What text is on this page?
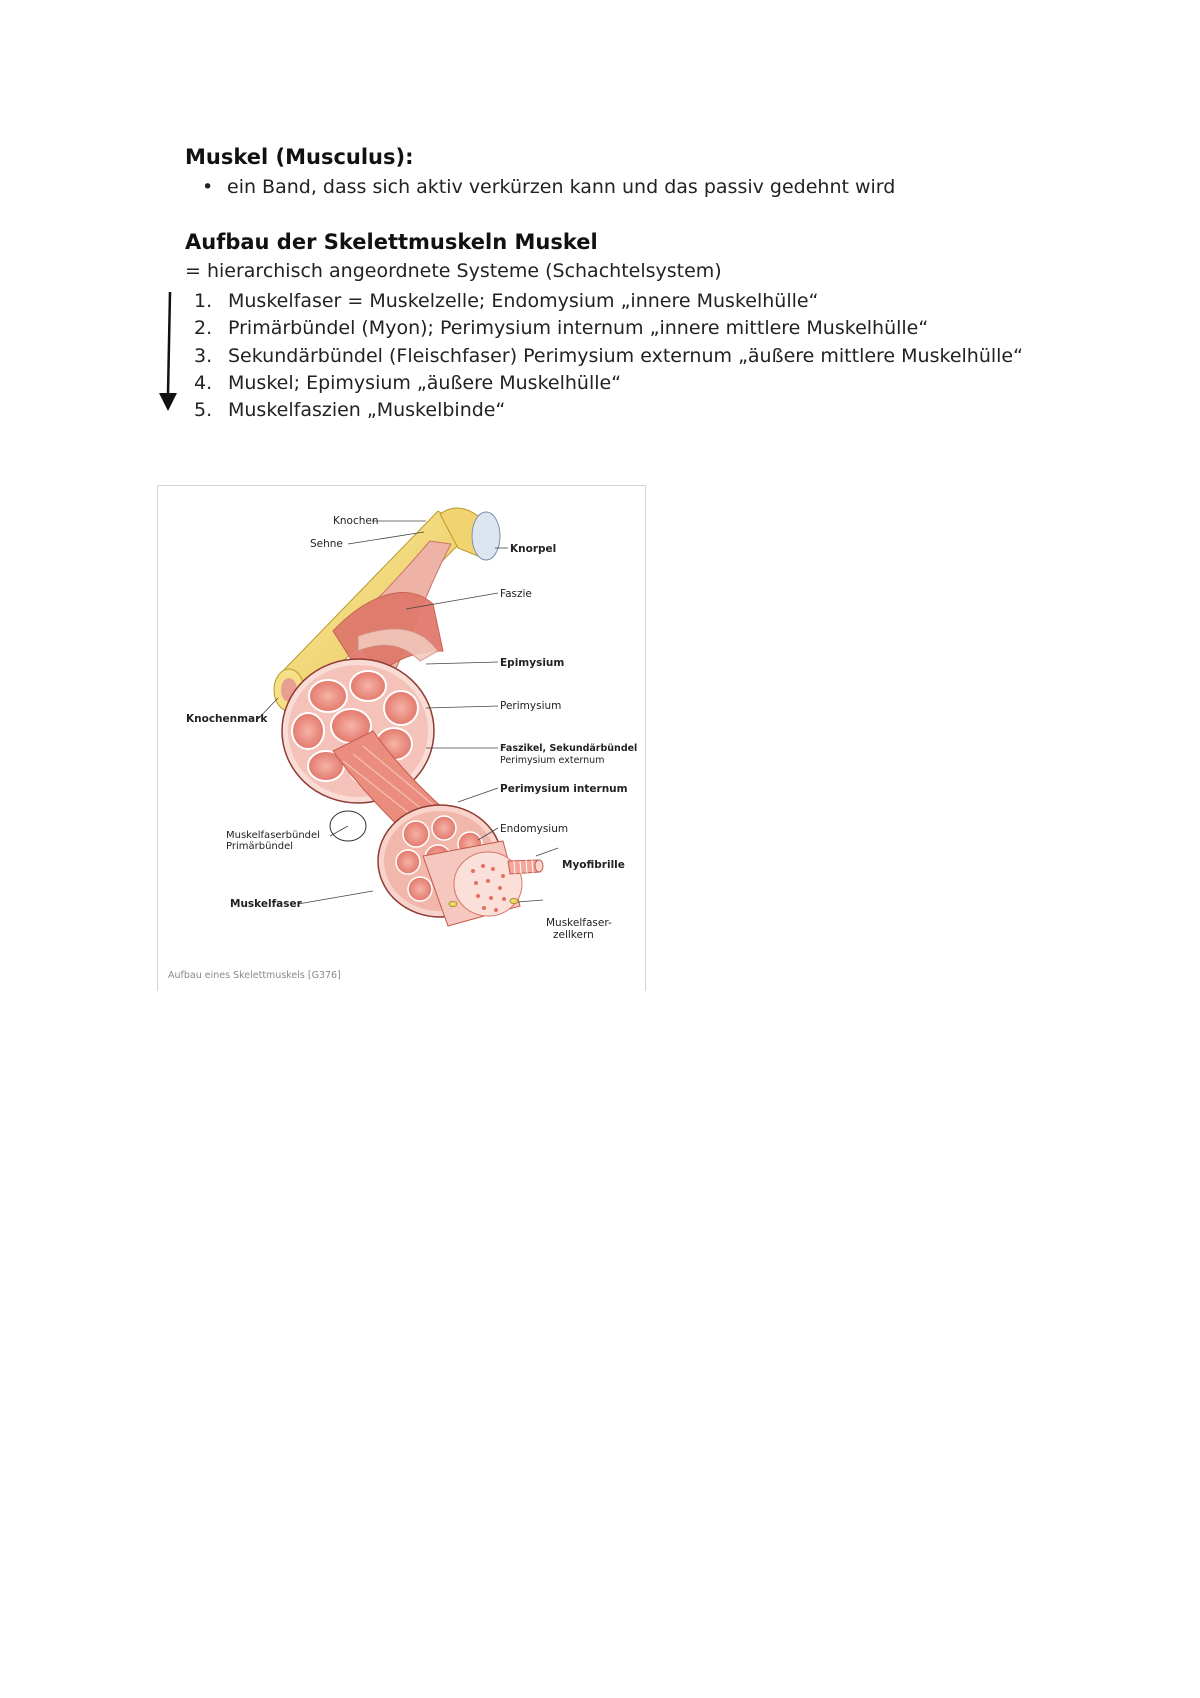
Muskel (Musculus):
• ein Band, dass sich aktiv verkürzen kann und das passiv gedehnt wird
Aufbau der Skelettmuskeln Muskel
= hierarchisch angeordnete Systeme (Schachtelsystem)
1. Muskelfaser = Muskelzelle; Endomysium „innere Muskelhülle“
2. Primärbündel (Myon); Perimysium internum „innere mittlere Muskelhülle“
3. Sekundärbündel (Fleischfaser) Perimysium externum „äußere mittlere Muskelhülle“
4. Muskel; Epimysium „äußere Muskelhülle“
5. Muskelfaszien „Muskelbinde“
Knochen
Sehne	Knorpel
Faszie
Epimysium
Knochenmark
Perimysium
Faszikel, Sekundärbündel
Perimysium externum
Perimysium internum
Endomysium
Muskelfaserbündel
Primärbündel
Myofibrille
Muskelfaser
Muskelfaser-
zellkern
Aufbau eines Skelettmuskels [G376]
